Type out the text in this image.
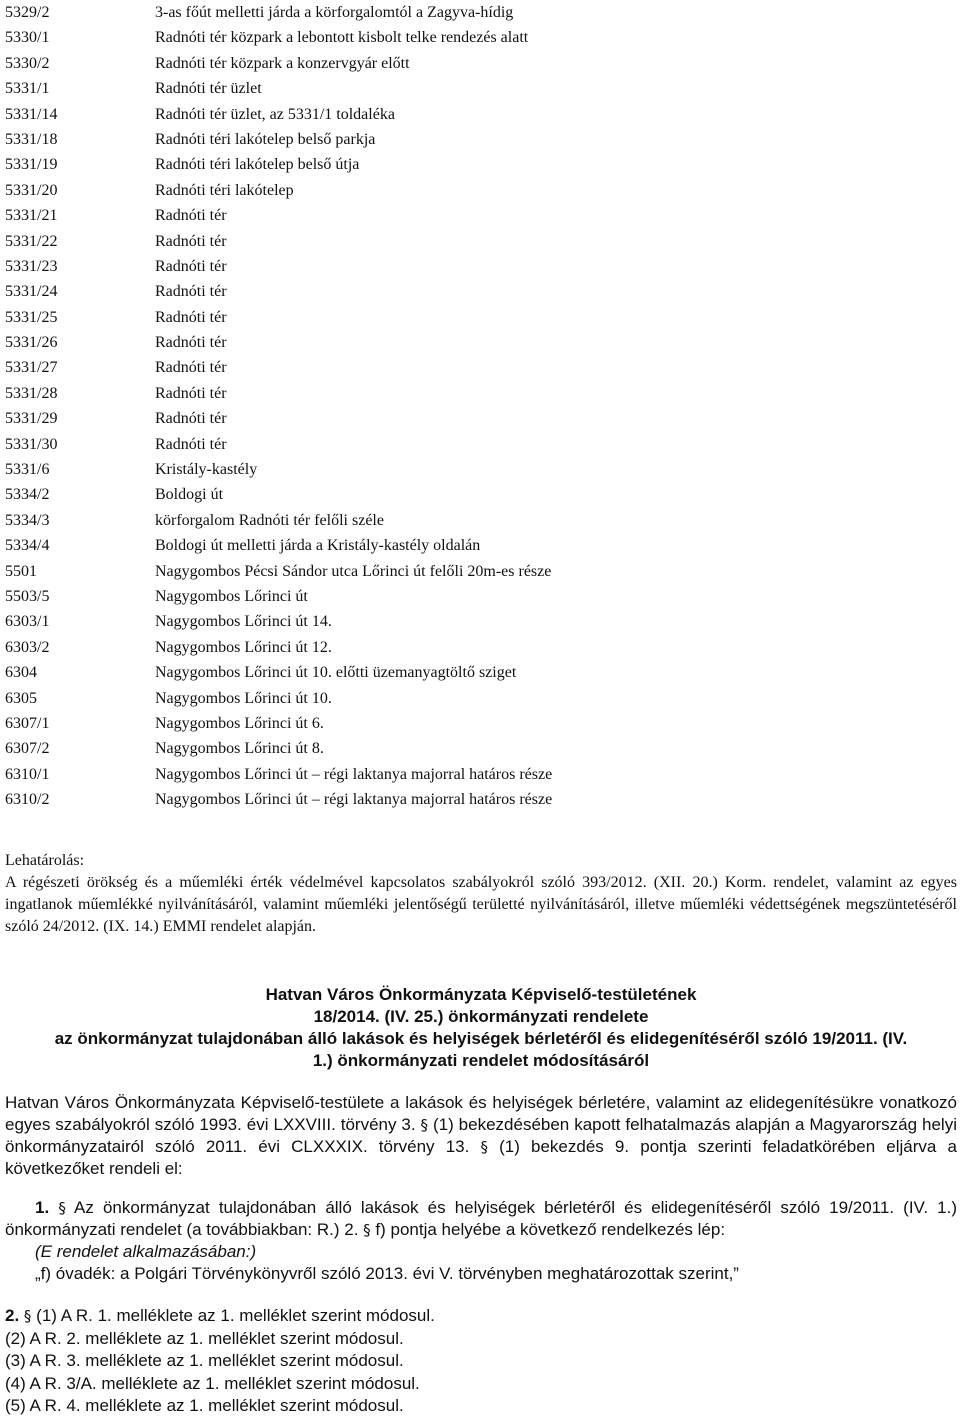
5329/2	3-as főút melletti járda a körforgalomtól a Zagyva-hídig
5330/1	Radnóti tér közpark a lebontott kisbolt telke rendezés alatt
5330/2	Radnóti tér közpark a konzervgyár előtt
5331/1	Radnóti tér üzlet
5331/14	Radnóti tér üzlet, az 5331/1 toldaléka
5331/18	Radnóti téri lakótelep belső parkja
5331/19	Radnóti téri lakótelep belső útja
5331/20	Radnóti téri lakótelep
5331/21	Radnóti tér
5331/22	Radnóti tér
5331/23	Radnóti tér
5331/24	Radnóti tér
5331/25	Radnóti tér
5331/26	Radnóti tér
5331/27	Radnóti tér
5331/28	Radnóti tér
5331/29	Radnóti tér
5331/30	Radnóti tér
5331/6	Kristály-kastély
5334/2	Boldogi út
5334/3	körforgalom Radnóti tér felőli széle
5334/4	Boldogi út melletti járda a Kristály-kastély oldalán
5501	Nagygombos Pécsi Sándor utca Lőrinci út felőli 20m-es része
5503/5	Nagygombos Lőrinci út
6303/1	Nagygombos Lőrinci út 14.
6303/2	Nagygombos Lőrinci út 12.
6304	Nagygombos Lőrinci út 10. előtti üzemanyagtöltő sziget
6305	Nagygombos Lőrinci út 10.
6307/1	Nagygombos Lőrinci út 6.
6307/2	Nagygombos Lőrinci út 8.
6310/1	Nagygombos Lőrinci út – régi laktanya majorral határos része
6310/2	Nagygombos Lőrinci út – régi laktanya majorral határos része
Lehatárolás:
A régészeti örökség és a műemléki érték védelmével kapcsolatos szabályokról szóló 393/2012. (XII. 20.) Korm. rendelet, valamint az egyes ingatlanok műemlékké nyilvánításáról, valamint műemléki jelentőségű területté nyilvánításáról, illetve műemléki védettségének megszüntetéséről szóló 24/2012. (IX. 14.) EMMI rendelet alapján.
Hatvan Város Önkormányzata Képviselő-testületének
18/2014. (IV. 25.) önkormányzati rendelete
az önkormányzat tulajdonában álló lakások és helyiségek bérletéről és elidegenítéséről szóló 19/2011. (IV.
1.) önkormányzati rendelet módosításáról
Hatvan Város Önkormányzata Képviselő-testülete a lakások és helyiségek bérletére, valamint az elidegenítésükre vonatkozó egyes szabályokról szóló 1993. évi LXXVIII. törvény 3. § (1) bekezdésében kapott felhatalmazás alapján a Magyarország helyi önkormányzatairól szóló 2011. évi CLXXXIX. törvény 13. § (1) bekezdés 9. pontja szerinti feladatkörében eljárva a következőket rendeli el:
1. § Az önkormányzat tulajdonában álló lakások és helyiségek bérletéről és elidegenítéséről szóló 19/2011. (IV. 1.) önkormányzati rendelet (a továbbiakban: R.) 2. § f) pontja helyébe a következő rendelkezés lép:
(E rendelet alkalmazásában:)
„f) óvadék: a Polgári Törvénykönyvről szóló 2013. évi V. törvényben meghatározottak szerint,”
2. § (1) A R. 1. melléklete az 1. melléklet szerint módosul.
(2) A R. 2. melléklete az 1. melléklet szerint módosul.
(3) A R. 3. melléklete az 1. melléklet szerint módosul.
(4) A R. 3/A. melléklete az 1. melléklet szerint módosul.
(5) A R. 4. melléklete az 1. melléklet szerint módosul.
